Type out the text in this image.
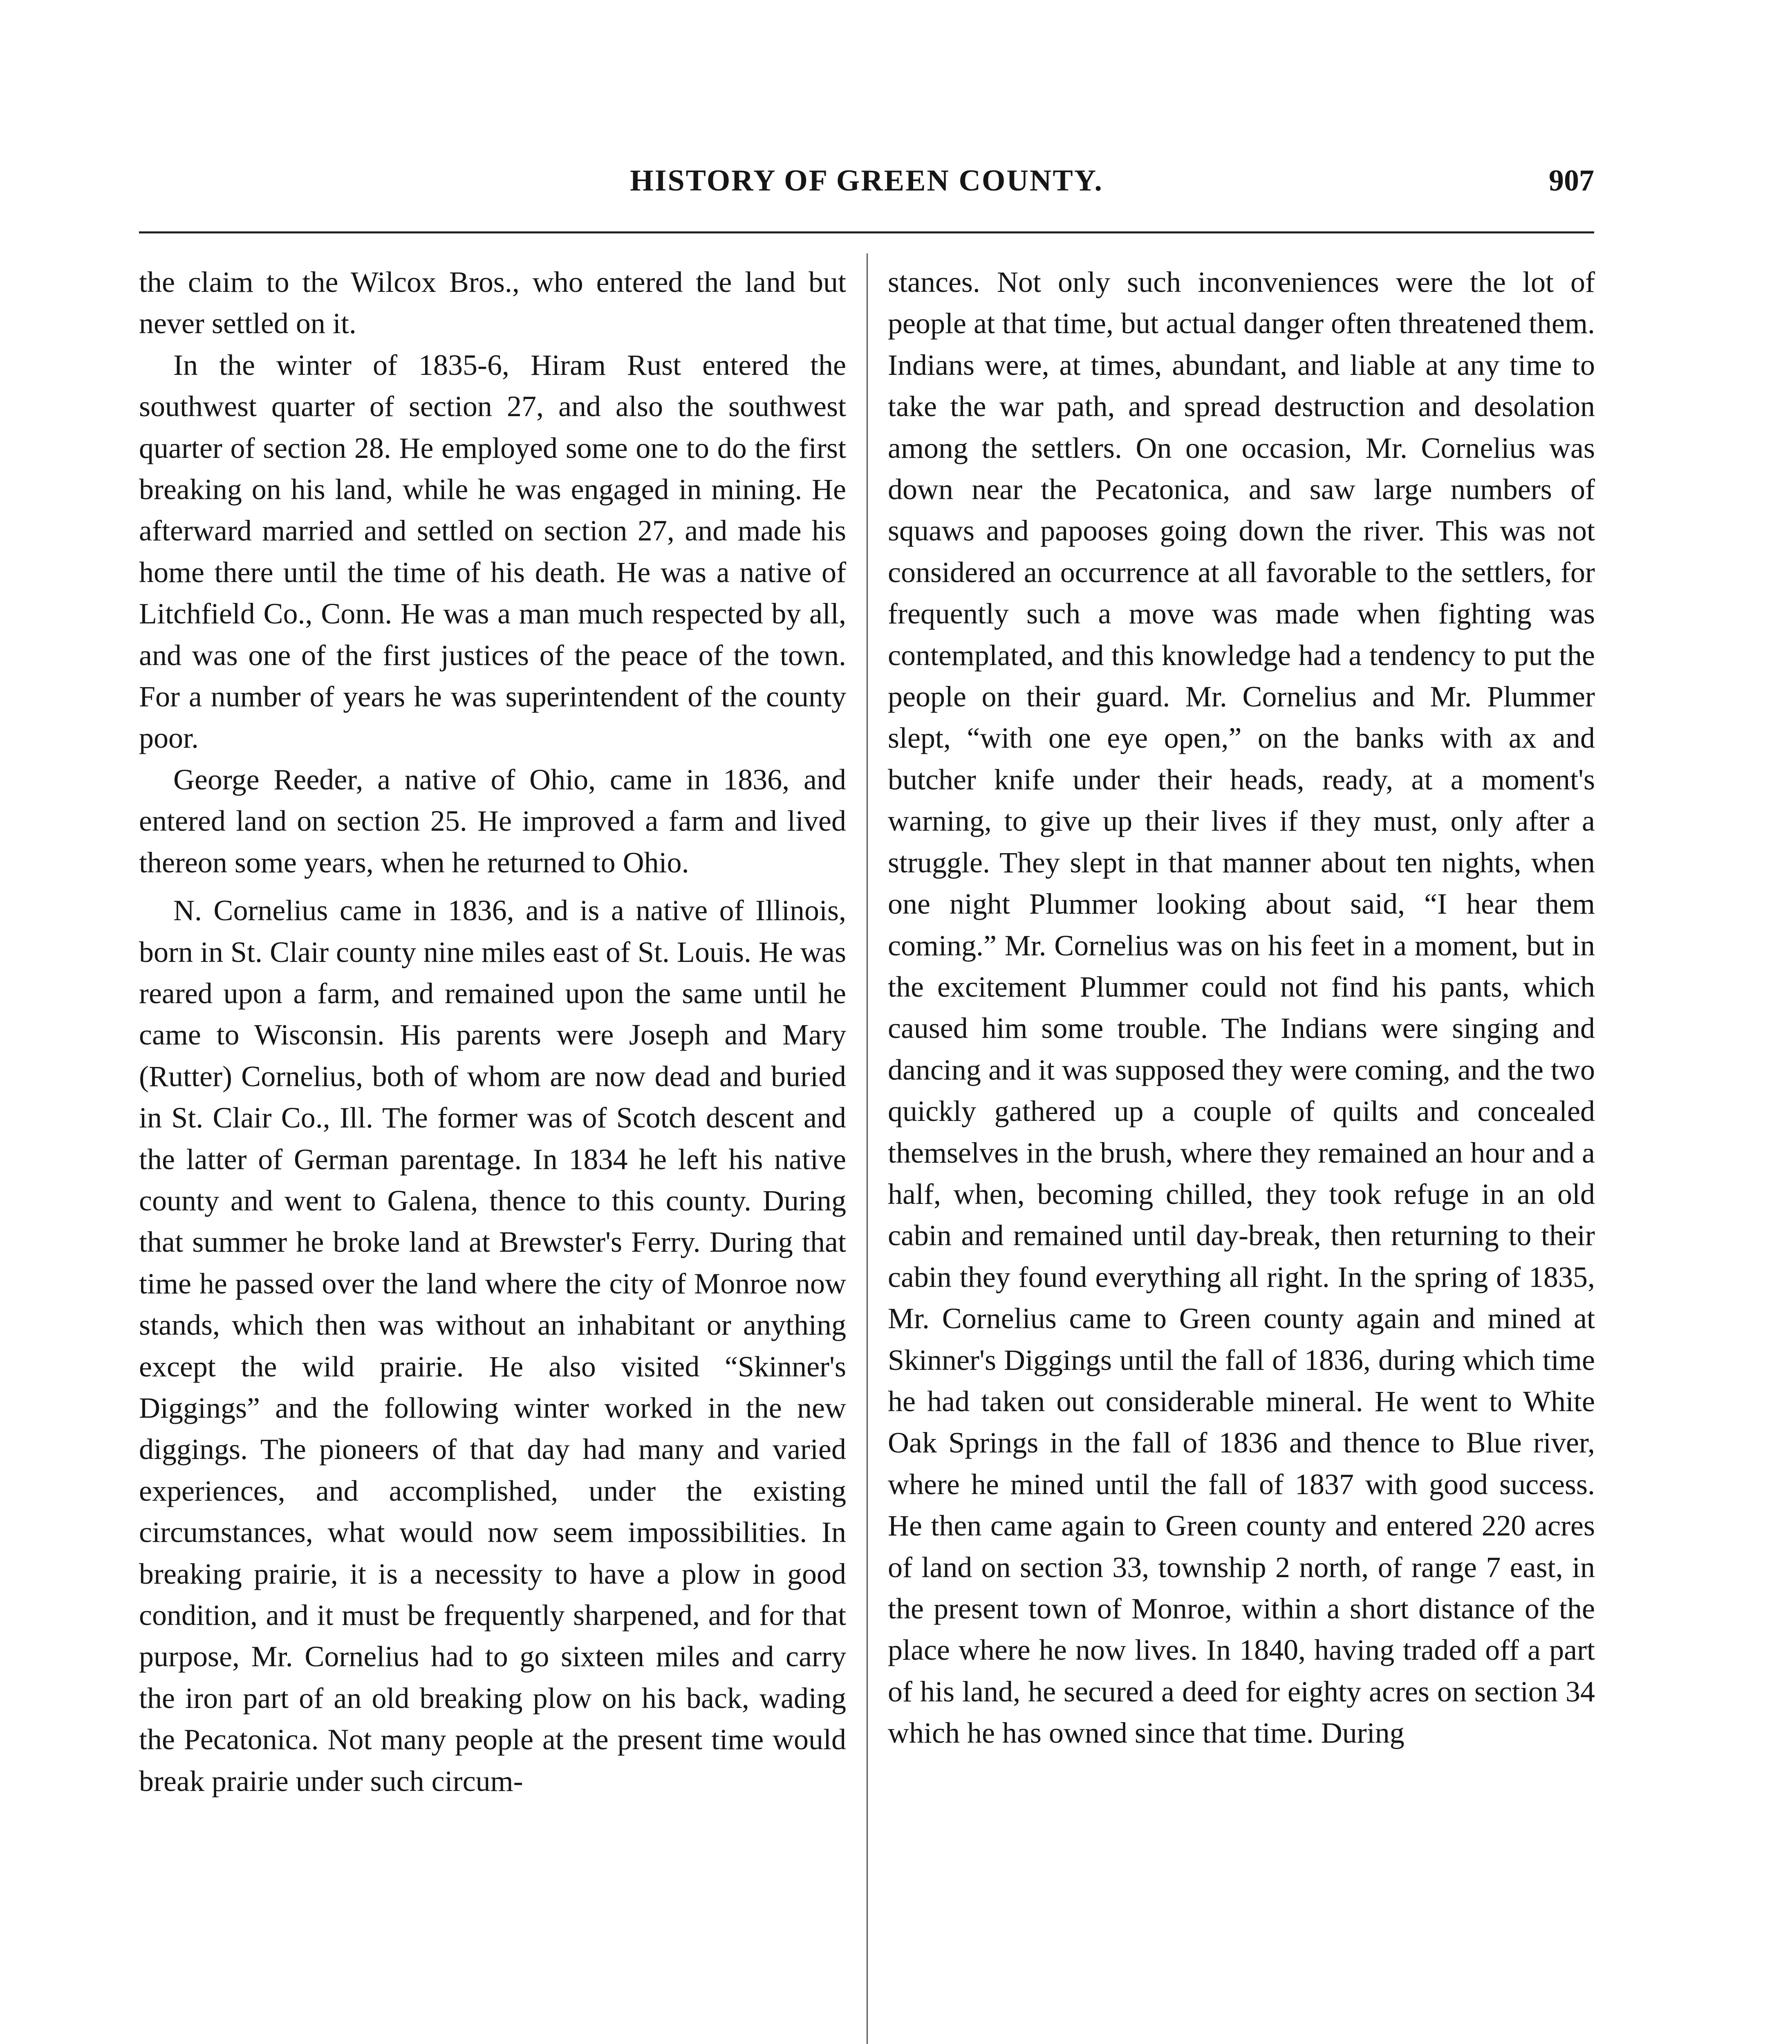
HISTORY OF GREEN COUNTY.	907

the claim to the Wilcox Bros., who entered the land but never settled on it.

In the winter of 1835-6, Hiram Rust entered the southwest quarter of section 27, and also the southwest quarter of section 28. He employed some one to do the first breaking on his land, while he was engaged in mining. He afterward married and settled on section 27, and made his home there until the time of his death. He was a native of Litchfield Co., Conn. He was a man much respected by all, and was one of the first justices of the peace of the town. For a number of years he was superintendent of the county poor.

George Reeder, a native of Ohio, came in 1836, and entered land on section 25. He improved a farm and lived thereon some years, when he returned to Ohio.

N. Cornelius came in 1836, and is a native of Illinois, born in St. Clair county nine miles east of St. Louis. He was reared upon a farm, and remained upon the same until he came to Wisconsin. His parents were Joseph and Mary (Rutter) Cornelius, both of whom are now dead and buried in St. Clair Co., Ill. The former was of Scotch descent and the latter of German parentage. In 1834 he left his native county and went to Galena, thence to this county. During that summer he broke land at Brewster's Ferry. During that time he passed over the land where the city of Monroe now stands, which then was without an inhabitant or anything except the wild prairie. He also visited “Skinner's Diggings” and the following winter worked in the new diggings. The pioneers of that day had many and varied experiences, and accomplished, under the existing circumstances, what would now seem impossibilities. In breaking prairie, it is a necessity to have a plow in good condition, and it must be frequently sharpened, and for that purpose, Mr. Cornelius had to go sixteen miles and carry the iron part of an old breaking plow on his back, wading the Pecatonica. Not many people at the present time would break prairie under such circum-

stances. Not only such inconveniences were the lot of people at that time, but actual danger often threatened them. Indians were, at times, abundant, and liable at any time to take the war path, and spread destruction and desolation among the settlers. On one occasion, Mr. Cornelius was down near the Pecatonica, and saw large numbers of squaws and papooses going down the river. This was not considered an occurrence at all favorable to the settlers, for frequently such a move was made when fighting was contemplated, and this knowledge had a tendency to put the people on their guard. Mr. Cornelius and Mr. Plummer slept, “with one eye open,” on the banks with ax and butcher knife under their heads, ready, at a moment's warning, to give up their lives if they must, only after a struggle. They slept in that manner about ten nights, when one night Plummer looking about said, “I hear them coming.” Mr. Cornelius was on his feet in a moment, but in the excitement Plummer could not find his pants, which caused him some trouble. The Indians were singing and dancing and it was supposed they were coming, and the two quickly gathered up a couple of quilts and concealed themselves in the brush, where they remained an hour and a half, when, becoming chilled, they took refuge in an old cabin and remained until day-break, then returning to their cabin they found everything all right. In the spring of 1835, Mr. Cornelius came to Green county again and mined at Skinner's Diggings until the fall of 1836, during which time he had taken out considerable mineral. He went to White Oak Springs in the fall of 1836 and thence to Blue river, where he mined until the fall of 1837 with good success. He then came again to Green county and entered 220 acres of land on section 33, township 2 north, of range 7 east, in the present town of Monroe, within a short distance of the place where he now lives. In 1840, having traded off a part of his land, he secured a deed for eighty acres on section 34 which he has owned since that time. During
